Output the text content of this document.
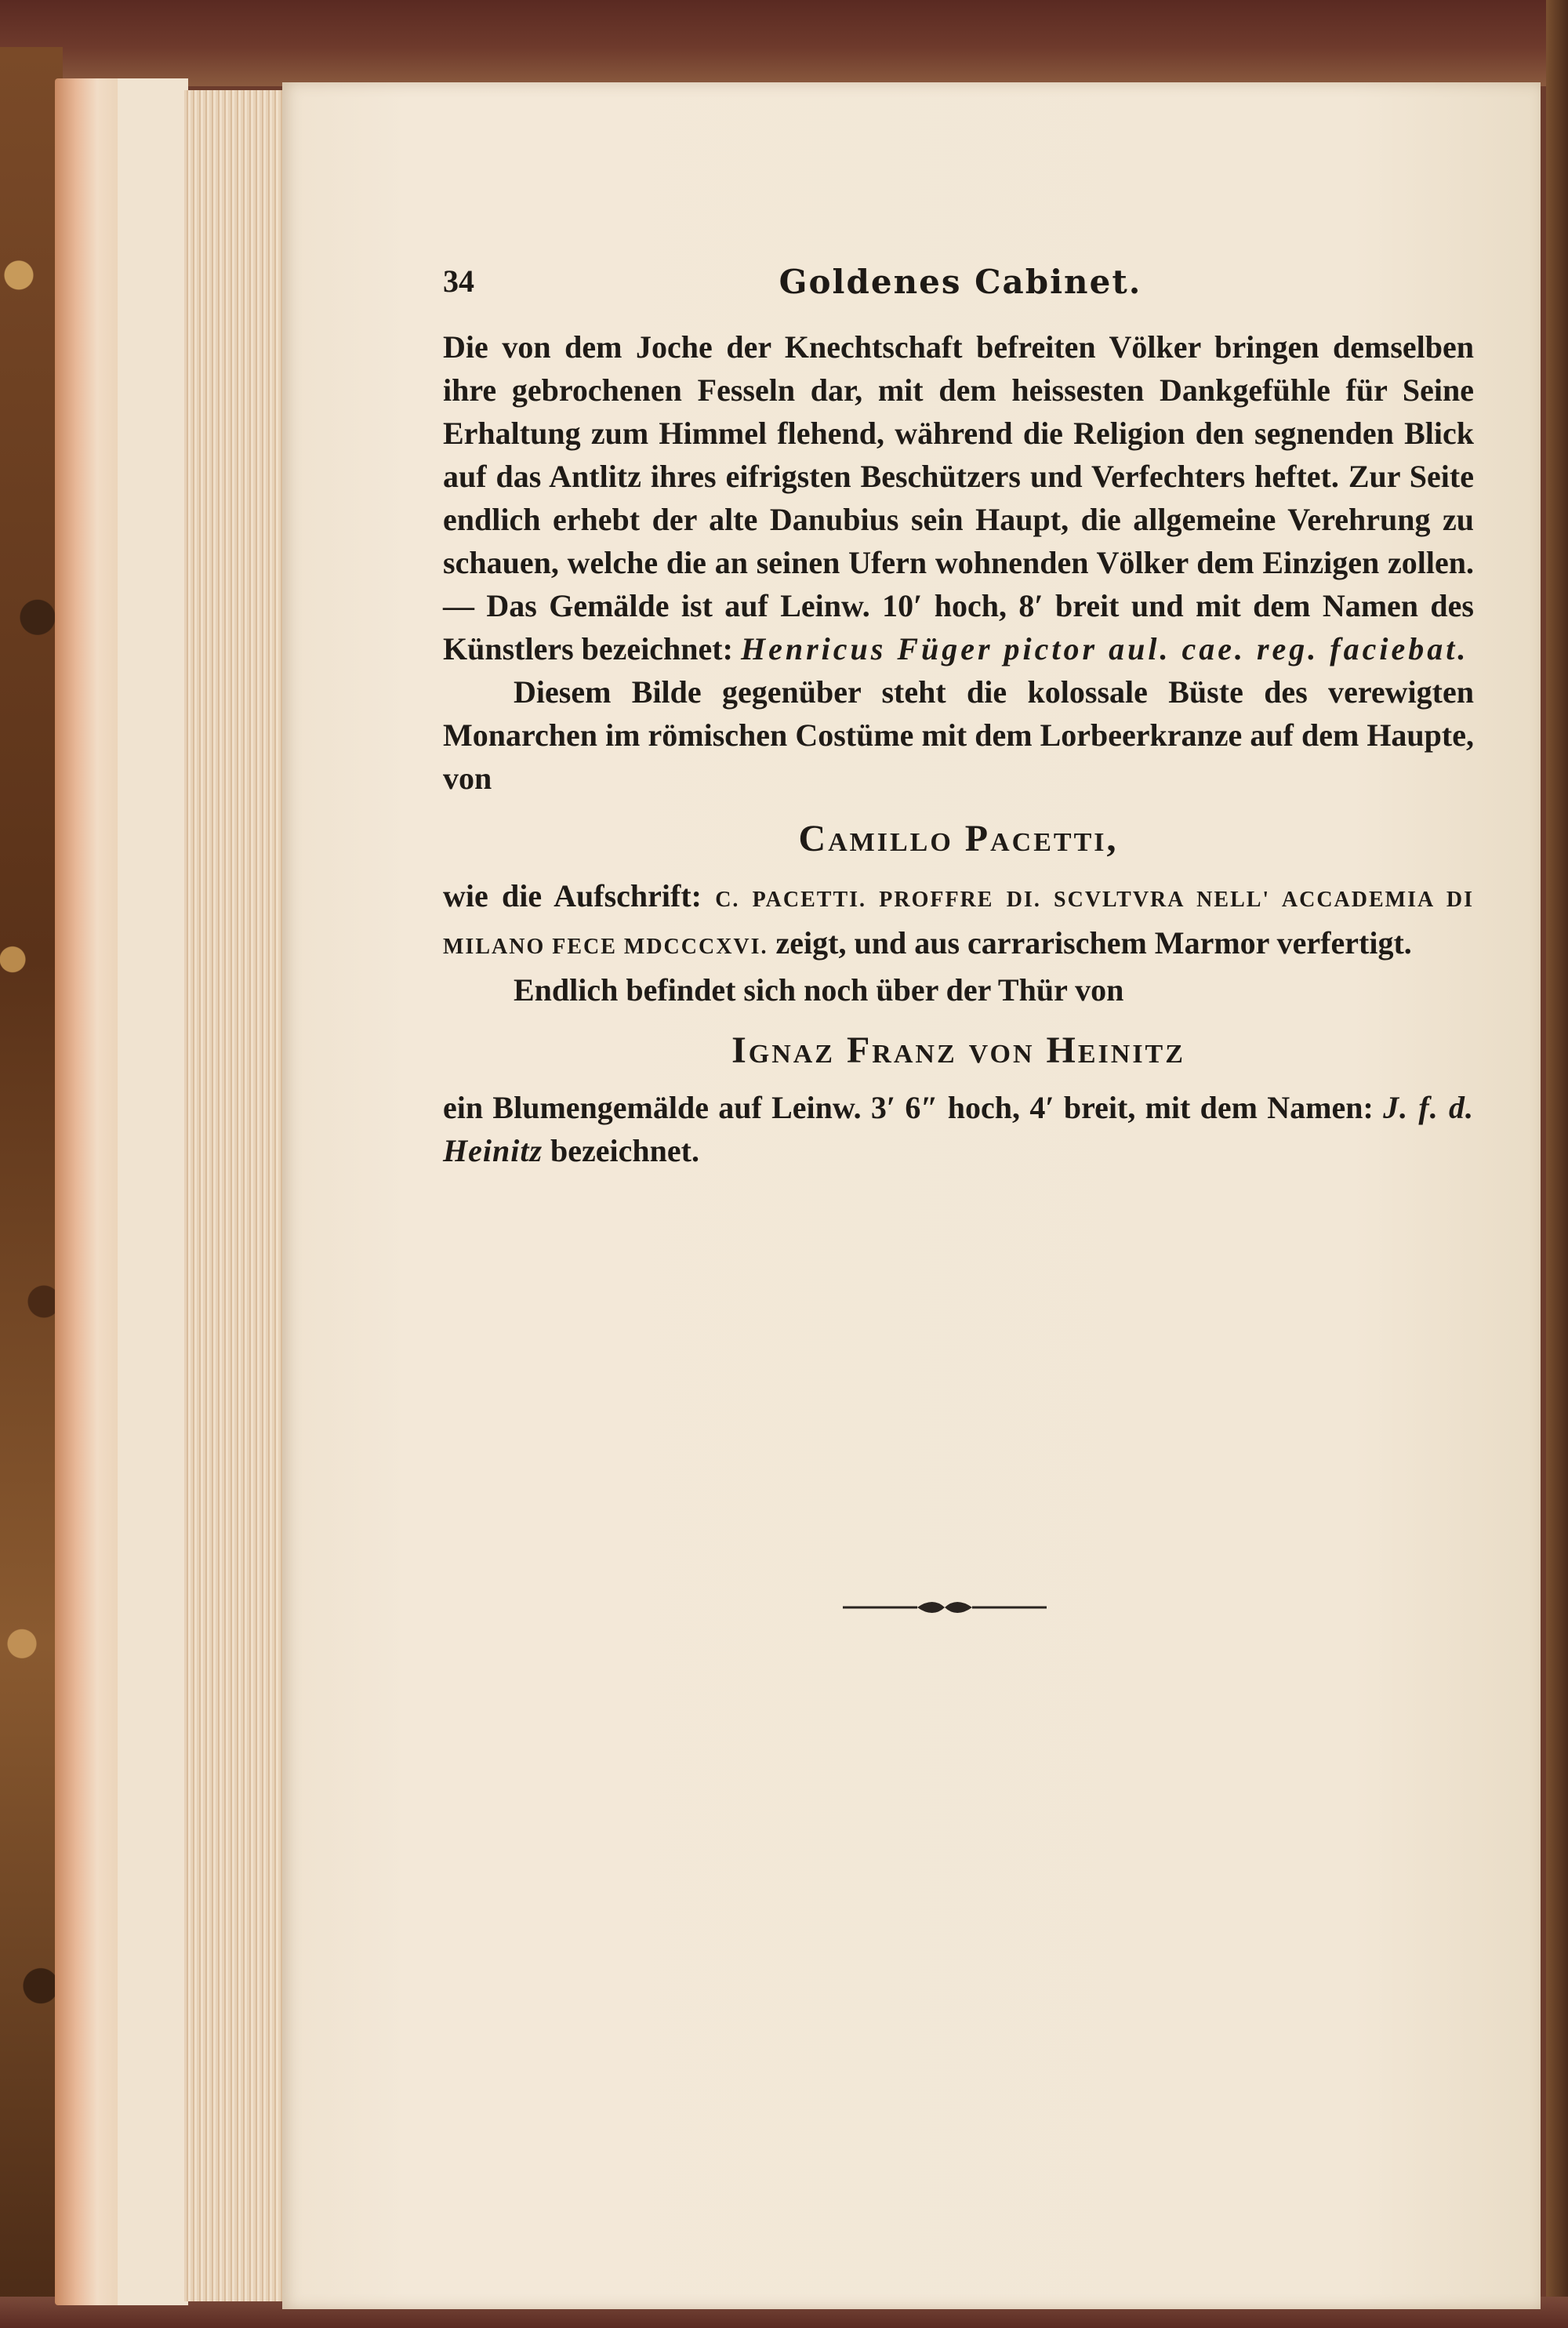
34	Goldenes Cabinet.

Die von dem Joche der Knechtschaft befreiten Völker bringen demselben ihre gebrochenen Fesseln dar, mit dem heissesten Dankgefühle für Seine Erhaltung zum Himmel flehend, während die Religion den segnenden Blick auf das Antlitz ihres eifrigsten Beschützers und Verfechters heftet. Zur Seite endlich erhebt der alte Danubius sein Haupt, die allgemeine Verehrung zu schauen, welche die an seinen Ufern wohnenden Völker dem Einzigen zollen. — Das Gemälde ist auf Leinw. 10′ hoch, 8′ breit und mit dem Namen des Künstlers bezeichnet: Henricus Füger pictor aul. cae. reg. faciebat.

Diesem Bilde gegenüber steht die kolossale Büste des verewigten Monarchen im römischen Costüme mit dem Lorbeerkranze auf dem Haupte, von

Camillo Pacetti,

wie die Aufschrift: C. PACETTI. PROFFRE DI. SCVLTVRA NELL' ACCADEMIA DI MILANO FECE MDCCCXVI. zeigt, und aus carrarischem Marmor verfertigt.

Endlich befindet sich noch über der Thür von

Ignaz Franz von Heinitz

ein Blumengemälde auf Leinw. 3′ 6″ hoch, 4′ breit, mit dem Namen: J. f. d. Heinitz bezeichnet.
